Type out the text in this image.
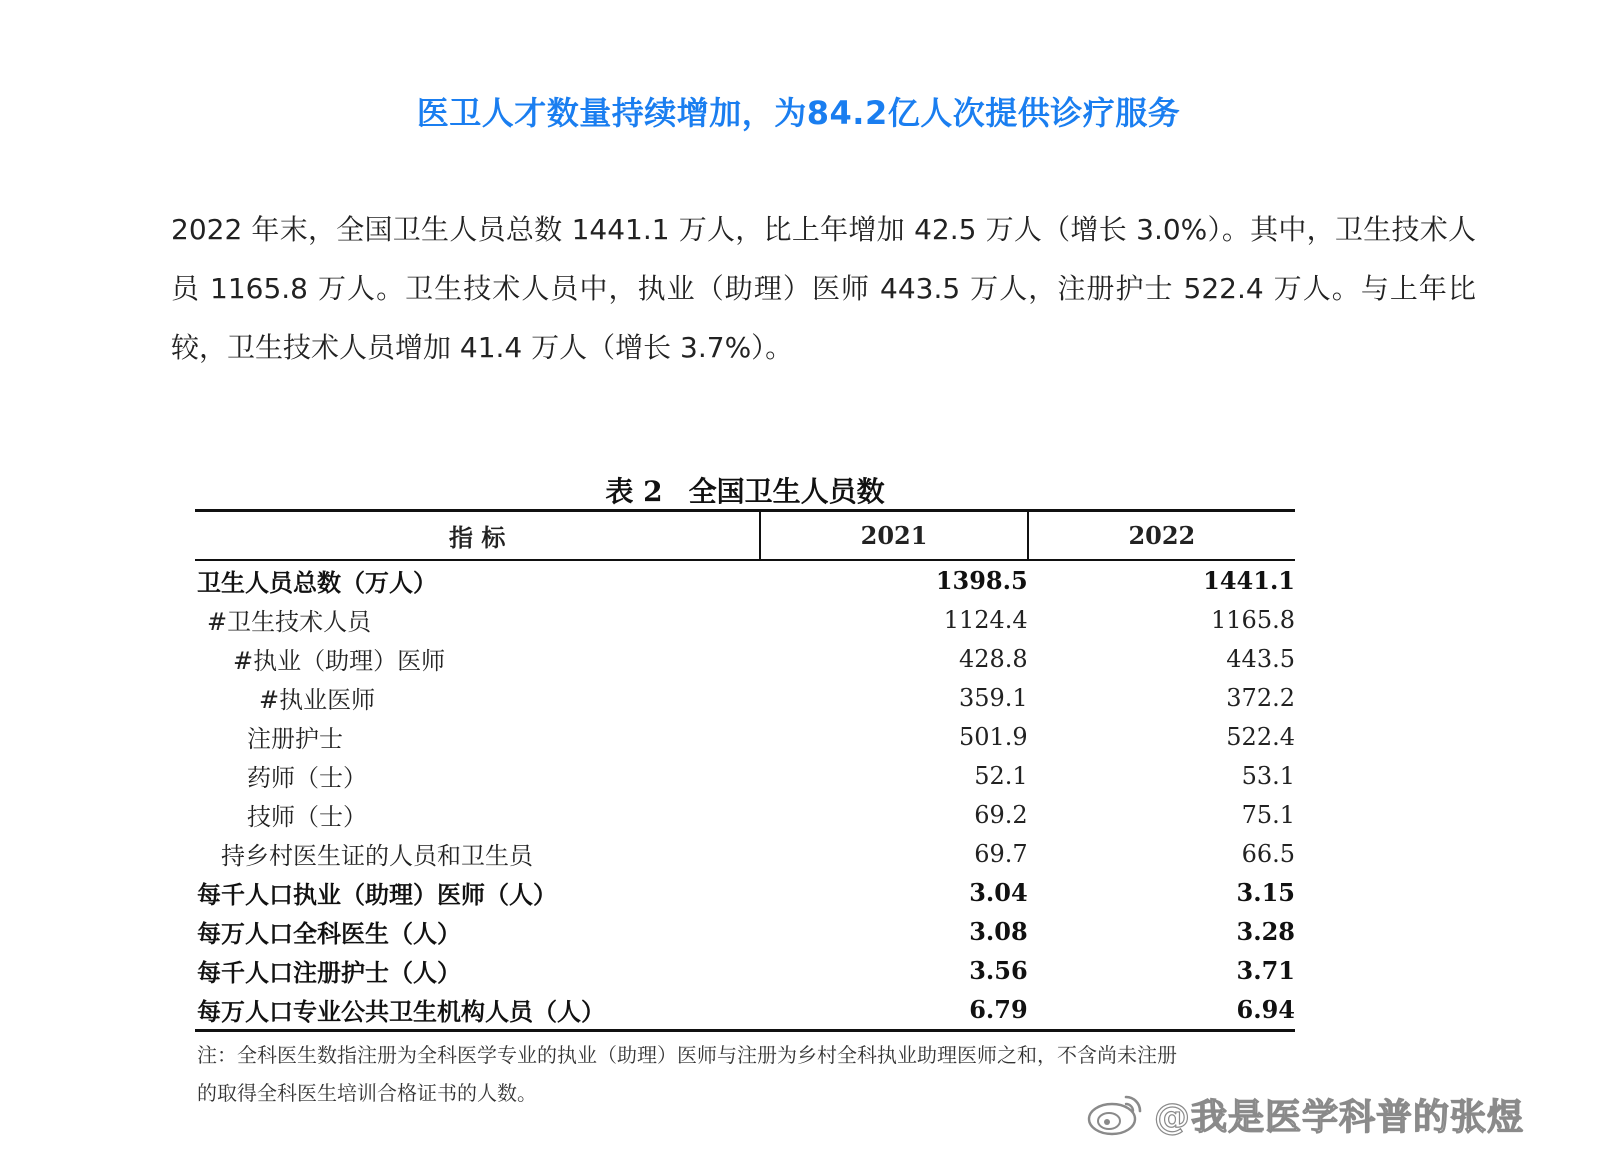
医卫人才数量持续增加，为84.2亿人次提供诊疗服务

2022 年末，全国卫生人员总数 1441.1 万人，比上年增加 42.5 万人（增长 3.0%）。其中，卫生技术人员 1165.8 万人。卫生技术人员中，执业（助理）医师 443.5 万人，注册护士 522.4 万人。与上年比较，卫生技术人员增加 41.4 万人（增长 3.7%）。

表 2 全国卫生人员数
指 标	2021	2022
卫生人员总数（万人）	1398.5	1441.1
#卫生技术人员	1124.4	1165.8
#执业（助理）医师	428.8	443.5
#执业医师	359.1	372.2
注册护士	501.9	522.4
药师（士）	52.1	53.1
技师（士）	69.2	75.1
持乡村医生证的人员和卫生员	69.7	66.5
每千人口执业（助理）医师（人）	3.04	3.15
每万人口全科医生（人）	3.08	3.28
每千人口注册护士（人）	3.56	3.71
每万人口专业公共卫生机构人员（人）	6.79	6.94
注：全科医生数指注册为全科医学专业的执业（助理）医师与注册为乡村全科执业助理医师之和，不含尚未注册
的取得全科医生培训合格证书的人数。
@我是医学科普的张煜
